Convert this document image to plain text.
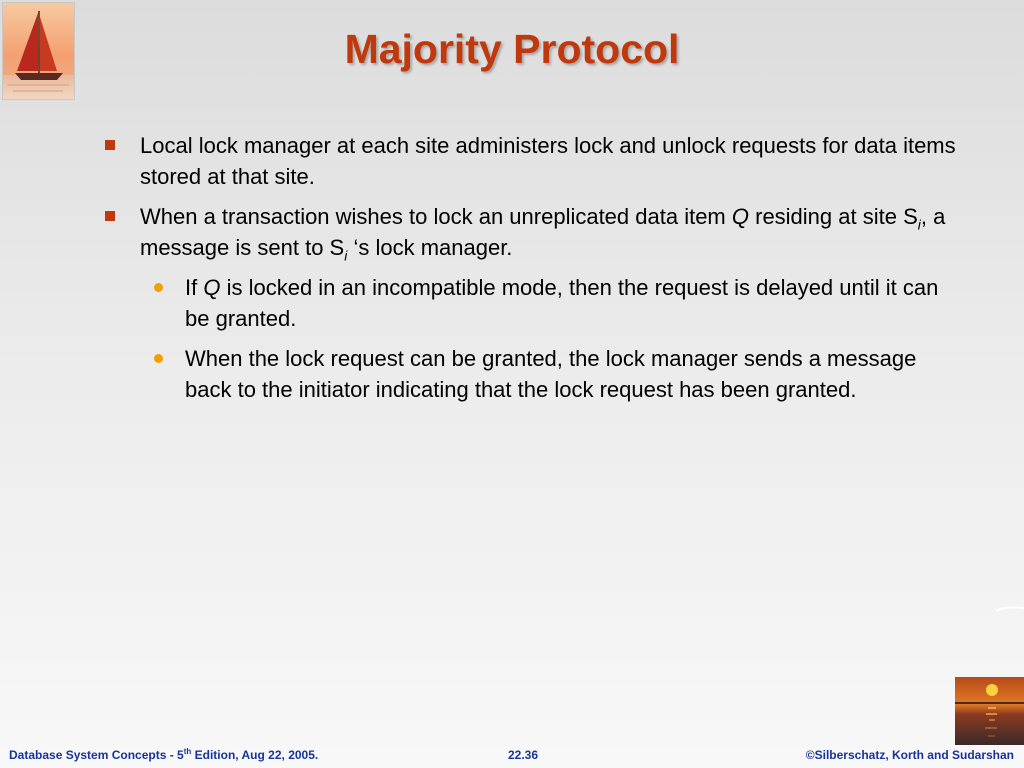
Majority Protocol
Local lock manager at each site administers lock and unlock requests for data items stored at that site.
When a transaction wishes to lock an unreplicated data item Q residing at site $S_i$, a message is sent to $S_i$ ‘s lock manager.
If Q is locked in an incompatible mode, then the request is delayed until it can be granted.
When the lock request can be granted, the lock manager sends a message back to the initiator indicating that the lock request has been granted.
Database System Concepts - 5th Edition, Aug 22, 2005.	22.36	©Silberschatz, Korth and Sudarshan
